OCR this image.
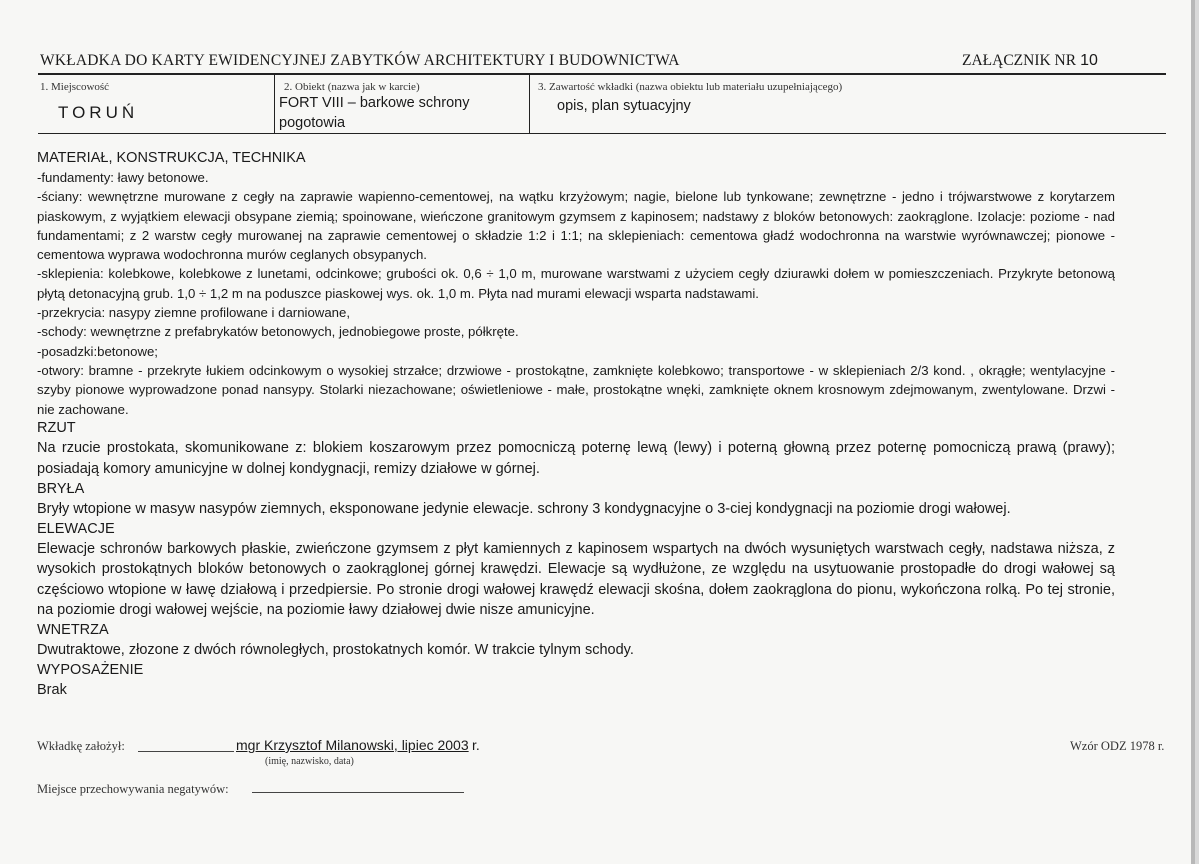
WKŁADKA DO KARTY EWIDENCYJNEJ ZABYTKÓW ARCHITEKTURY I BUDOWNICTWA	ZAŁĄCZNIK NR 10
1. Miejscowość
TORUŃ
2. Obiekt (nazwa jak w karcie)
FORT VIII – barkowe schrony pogotowia
3. Zawartość wkładki (nazwa obiektu lub materiału uzupełniającego)
opis, plan sytuacyjny

MATERIAŁ, KONSTRUKCJA, TECHNIKA

-fundamenty: ławy betonowe.

-ściany: wewnętrzne murowane z cegły na zaprawie wapienno-cementowej, na wątku krzyżowym; nagie, bielone lub tynkowane; zewnętrzne - jedno i trójwarstwowe z korytarzem piaskowym, z wyjątkiem elewacji obsypane ziemią; spoinowane, wieńczone granitowym gzymsem z kapinosem; nadstawy z bloków betonowych: zaokrąglone. Izolacje: poziome - nad fundamentami; z 2 warstw cegły murowanej na zaprawie cementowej o składzie 1:2 i 1:1; na sklepieniach: cementowa gładź wodochronna na warstwie wyrównawczej; pionowe - cementowa wyprawa wodochronna murów ceglanych obsypanych.

-sklepienia: kolebkowe, kolebkowe z lunetami, odcinkowe; grubości ok. 0,6 ÷ 1,0 m, murowane warstwami z użyciem cegły dziurawki dołem w pomieszczeniach. Przykryte betonową płytą detonacyjną grub. 1,0 ÷ 1,2 m na poduszce piaskowej wys. ok. 1,0 m. Płyta nad murami elewacji wsparta nadstawami.

-przekrycia: nasypy ziemne profilowane i darniowane,

-schody: wewnętrzne z prefabrykatów betonowych, jednobiegowe proste, półkręte.

-posadzki:betonowe;

-otwory: bramne - przekryte łukiem odcinkowym o wysokiej strzałce; drzwiowe - prostokątne, zamknięte kolebkowo; transportowe - w sklepieniach 2/3 kond. , okrągłe; wentylacyjne - szyby pionowe wyprowadzone ponad nansypy. Stolarki niezachowane; oświetleniowe - małe, prostokątne wnęki, zamknięte oknem krosnowym zdejmowanym, zwentylowane. Drzwi - nie zachowane.

RZUT

Na rzucie prostokata, skomunikowane z: blokiem koszarowym przez pomocniczą poternę lewą (lewy) i poterną głowną przez poternę pomocniczą prawą (prawy); posiadają komory amunicyjne w dolnej kondygnacji, remizy działowe w górnej.

BRYŁA

Bryły wtopione w masyw nasypów ziemnych, eksponowane jedynie elewacje. schrony 3 kondygnacyjne o 3-ciej kondygnacji na poziomie drogi wałowej.

ELEWACJE

Elewacje schronów barkowych płaskie, zwieńczone gzymsem z płyt kamiennych z kapinosem wspartych na dwóch wysuniętych warstwach cegły, nadstawa niższa, z wysokich prostokątnych bloków betonowych o zaokrąglonej górnej krawędzi. Elewacje są wydłużone, ze względu na usytuowanie prostopadłe do drogi wałowej są częściowo wtopione w ławę działową i przedpiersie. Po stronie drogi wałowej krawędź elewacji skośna, dołem zaokrąglona do pionu, wykończona rolką. Po tej stronie, na poziomie drogi wałowej wejście, na poziomie ławy działowej dwie nisze amunicyjne.

WNETRZA

Dwutraktowe, złozone z dwóch równoległych, prostokatnych komór. W trakcie tylnym schody.

WYPOSAŻENIE

Brak

Wkładkę założył:	mgr Krzysztof Milanowski, lipiec 2003 r.
(imię, nazwisko, data)
Wzór ODZ 1978 r.
Miejsce przechowywania negatywów:
